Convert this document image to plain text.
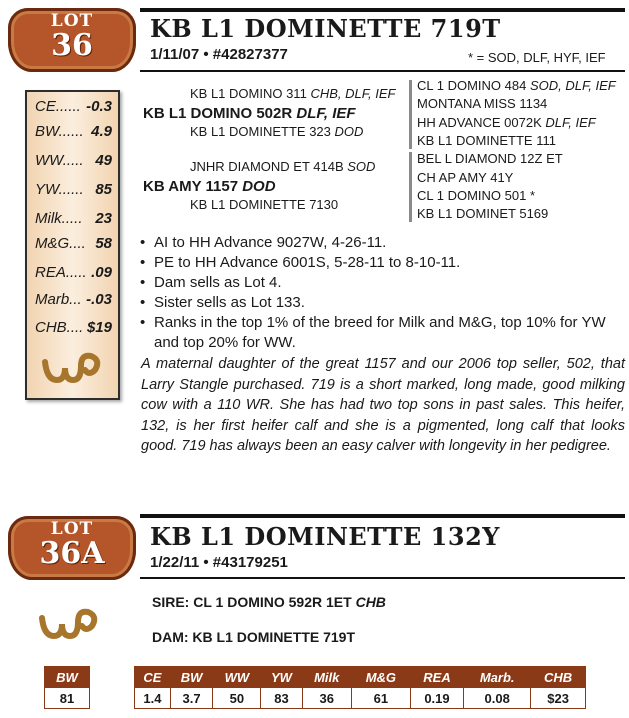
LOT
36
CE...... -0.3
BW...... 4.9
WW..... 49
YW...... 85
Milk..... 23
M&G.... 58
REA..... .09
Marb... -.03
CHB.... $19
KB L1 DOMINETTE 719T
1/11/07 • #42827377	* = SOD, DLF, HYF, IEF
KB L1 DOMINO 311 CHB, DLF, IEF
KB L1 DOMINO 502R DLF, IEF
KB L1 DOMINETTE 323 DOD
CL 1 DOMINO 484 SOD, DLF, IEF
MONTANA MISS 1134
HH ADVANCE 0072K DLF, IEF
KB L1 DOMINETTE 111
JNHR DIAMOND ET 414B SOD
KB AMY 1157 DOD
KB L1 DOMINETTE 7130
BEL L DIAMOND 12Z ET
CH AP AMY 41Y
CL 1 DOMINO 501 *
KB L1 DOMINET 5169
• AI to HH Advance 9027W, 4-26-11.
• PE to HH Advance 6001S, 5-28-11 to 8-10-11.
• Dam sells as Lot 4.
• Sister sells as Lot 133.
• Ranks in the top 1% of the breed for Milk and M&G, top 10% for YW and top 20% for WW.
A maternal daughter of the great 1157 and our 2006 top seller, 502, that Larry Stangle purchased. 719 is a short marked, long made, good milking cow with a 110 WR. She has had two top sons in past sales. This heifer, 132, is her first heifer calf and she is a pigmented, long calf that looks good. 719 has always been an easy calver with longevity in her pedigree.
LOT
36A	KB L1 DOMINETTE 132Y
1/22/11 • #43179251
SIRE: CL 1 DOMINO 592R 1ET CHB
DAM: KB L1 DOMINETTE 719T
BW
81
CE	BW	WW	YW	Milk	M&G	REA	Marb.	CHB
1.4	3.7	50	83	36	61	0.19	0.08	$23
